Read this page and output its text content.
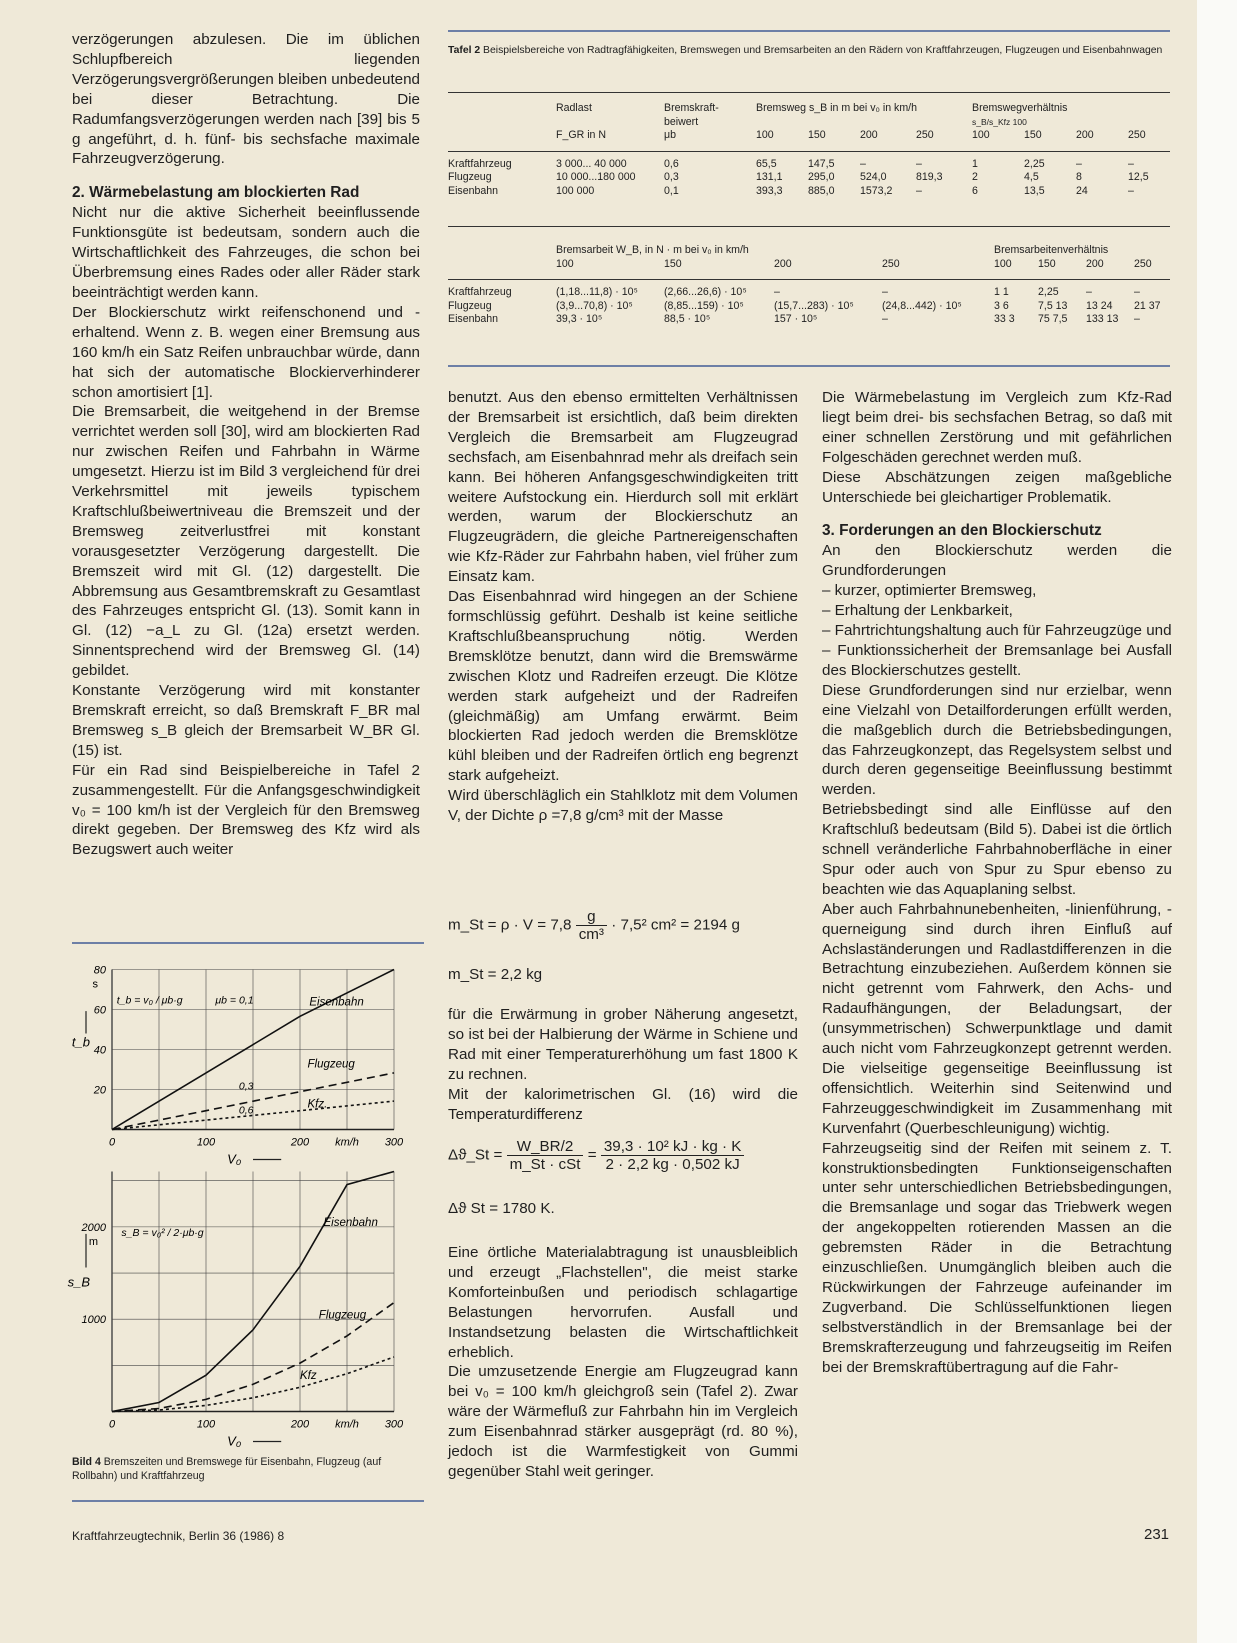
verzögerungen abzulesen. Die im üblichen Schlupfbereich liegenden Verzögerungsvergrößerungen bleiben unbedeutend bei dieser Betrachtung. Die Radumfangsverzögerungen werden nach [39] bis 5 g angeführt, d. h. fünf- bis sechsfache maximale Fahrzeugverzögerung.

2. Wärmebelastung am blockierten Rad

Nicht nur die aktive Sicherheit beeinflussende Funktionsgüte ist bedeutsam, sondern auch die Wirtschaftlichkeit des Fahrzeuges, die schon bei Überbremsung eines Rades oder aller Räder stark beeinträchtigt werden kann.

Der Blockierschutz wirkt reifenschonend und -erhaltend. Wenn z. B. wegen einer Bremsung aus 160 km/h ein Satz Reifen unbrauchbar würde, dann hat sich der automatische Blockierverhinderer schon amortisiert [1].

Die Bremsarbeit, die weitgehend in der Bremse verrichtet werden soll [30], wird am blockierten Rad nur zwischen Reifen und Fahrbahn in Wärme umgesetzt. Hierzu ist im Bild 3 vergleichend für drei Verkehrsmittel mit jeweils typischem Kraftschlußbeiwertniveau die Bremszeit und der Bremsweg zeitverlustfrei mit konstant vorausgesetzter Verzögerung dargestellt. Die Bremszeit wird mit Gl. (12) dargestellt. Die Abbremsung aus Gesamtbremskraft zu Gesamtlast des Fahrzeuges entspricht Gl. (13). Somit kann in Gl. (12) −a_L zu Gl. (12a) ersetzt werden. Sinnentsprechend wird der Bremsweg Gl. (14) gebildet.

Konstante Verzögerung wird mit konstanter Bremskraft erreicht, so daß Bremskraft F_BR mal Bremsweg s_B gleich der Bremsarbeit W_BR Gl. (15) ist.

Für ein Rad sind Beispielbereiche in Tafel 2 zusammengestellt. Für die Anfangsgeschwindigkeit v₀ = 100 km/h ist der Vergleich für den Bremsweg direkt gegeben. Der Bremsweg des Kfz wird als Bezugswert auch weiter

Tafel 2 Beispielsbereiche von Radtragfähigkeiten, Bremswegen und Bremsarbeiten an den Rädern von Kraftfahrzeugen, Flugzeugen und Eisenbahnwagen
	Radlast	Bremskraft-	Bremsweg s_B in m bei v₀ in km/h				Bremswegverhältnis			
		beiwert					s_B/s_Kfz 100			
	F_GR in N	μb	100	150	200	250	100	150	200	250

Kraftfahrzeug	3 000... 40 000	0,6	65,5	147,5	–	–	1	2,25	–	–
Flugzeug	10 000...180 000	0,3	131,1	295,0	524,0	819,3	2	4,5	8	12,5
Eisenbahn	100 000	0,1	393,3	885,0	1573,2	–	6	13,5	24	–
	Bremsarbeit W_B, in N · m bei v₀ in km/h				Bremsarbeitenverhältnis			
	100	150	200	250	100	150	200	250

Kraftfahrzeug	(1,18...11,8) · 10⁵	(2,66...26,6) · 10⁵	–	–	1 1	2,25	–	–
Flugzeug	(3,9...70,8) · 10⁵	(8,85...159) · 10⁵	(15,7...283) · 10⁵	(24,8...442) · 10⁵	3 6	7,5 13	13 24	21 37
Eisenbahn	39,3 · 10⁵	88,5 · 10⁵	157 · 10⁵	–	33 3	75 7,5	133 13	–

benutzt. Aus den ebenso ermittelten Verhältnissen der Bremsarbeit ist ersichtlich, daß beim direkten Vergleich die Bremsarbeit am Flugzeugrad sechsfach, am Eisenbahnrad mehr als dreifach sein kann. Bei höheren Anfangsgeschwindigkeiten tritt weitere Aufstockung ein. Hierdurch soll mit erklärt werden, warum der Blockierschutz an Flugzeugrädern, die gleiche Partnereigenschaften wie Kfz-Räder zur Fahrbahn haben, viel früher zum Einsatz kam.

Das Eisenbahnrad wird hingegen an der Schiene formschlüssig geführt. Deshalb ist keine seitliche Kraftschlußbeanspruchung nötig. Werden Bremsklötze benutzt, dann wird die Bremswärme zwischen Klotz und Radreifen erzeugt. Die Klötze werden stark aufgeheizt und der Radreifen (gleichmäßig) am Umfang erwärmt. Beim blockierten Rad jedoch werden die Bremsklötze kühl bleiben und der Radreifen örtlich eng begrenzt stark aufgeheizt.

Wird überschläglich ein Stahlklotz mit dem Volumen V, der Dichte ρ =7,8 g/cm³ mit der Masse

m_St = $\rho \cdot V = 7,8 \frac{g}{\text{cm³}} \cdot 7,5^2$ cm² = 2194 g
m_St = 2,2 kg

für die Erwärmung in grober Näherung angesetzt, so ist bei der Halbierung der Wärme in Schiene und Rad mit einer Temperaturerhöhung um fast 1800 K zu rechnen.

Mit der kalorimetrischen Gl. (16) wird die Temperaturdifferenz

Δϑ_St = $\frac{W\_BR/2}{\text{m\_St · cSt}} = \frac{\text{39,3 · 10² kJ · kg · K}}{2 \cdot 2,2 kg \cdot 0,502 kJ}$
Δϑ St = 1780 K.

Eine örtliche Materialabtragung ist unausbleiblich und erzeugt „Flachstellen", die meist starke Komforteinbußen und periodisch schlagartige Belastungen hervorrufen. Ausfall und Instandsetzung belasten die Wirtschaftlichkeit erheblich.

Die umzusetzende Energie am Flugzeugrad kann bei v₀ = 100 km/h gleichgroß sein (Tafel 2). Zwar wäre der Wärmefluß zur Fahrbahn hin im Vergleich zum Eisenbahnrad stärker ausgeprägt (rd. 80 %), jedoch ist die Warmfestigkeit von Gummi gegenüber Stahl weit geringer.

Die Wärmebelastung im Vergleich zum Kfz-Rad liegt beim drei- bis sechsfachen Betrag, so daß mit einer schnellen Zerstörung und mit gefährlichen Folgeschäden gerechnet werden muß.

Diese Abschätzungen zeigen maßgebliche Unterschiede bei gleichartiger Problematik.

3. Forderungen an den Blockierschutz

An den Blockierschutz werden die Grundforderungen

– kurzer, optimierter Bremsweg,

– Erhaltung der Lenkbarkeit,

– Fahrtrichtungshaltung auch für Fahrzeugzüge und

– Funktionssicherheit der Bremsanlage bei Ausfall des Blockierschutzes gestellt.

Diese Grundforderungen sind nur erzielbar, wenn eine Vielzahl von Detailforderungen erfüllt werden, die maßgeblich durch die Betriebsbedingungen, das Fahrzeugkonzept, das Regelsystem selbst und durch deren gegenseitige Beeinflussung bestimmt werden.

Betriebsbedingt sind alle Einflüsse auf den Kraftschluß bedeutsam (Bild 5). Dabei ist die örtlich schnell veränderliche Fahrbahnoberfläche in einer Spur oder auch von Spur zu Spur ebenso zu beachten wie das Aquaplaning selbst.

Aber auch Fahrbahnunebenheiten, -linienführung, -querneigung sind durch ihren Einfluß auf Achslaständerungen und Radlastdifferenzen in die Betrachtung einzubeziehen. Außerdem können sie nicht getrennt vom Fahrwerk, den Achs- und Radaufhängungen, der Beladungsart, der (unsymmetrischen) Schwerpunktlage und damit auch nicht vom Fahrzeugkonzept getrennt werden. Die vielseitige gegenseitige Beeinflussung ist offensichtlich. Weiterhin sind Seitenwind und Fahrzeuggeschwindigkeit im Zusammenhang mit Kurvenfahrt (Querbeschleunigung) wichtig.

Fahrzeugseitig sind der Reifen mit seinem z. T. konstruktionsbedingten Funktionseigenschaften unter sehr unterschiedlichen Betriebsbedingungen, die Bremsanlage und sogar das Triebwerk wegen der angekoppelten rotierenden Massen an die gebremsten Räder in die Betrachtung einzuschließen. Unumgänglich bleiben auch die Rückwirkungen der Fahrzeuge aufeinander im Zugverband. Die Schlüsselfunktionen liegen selbstverständlich in der Bremsanlage bei der Bremskrafterzeugung und fahrzeugseitig im Reifen bei der Bremskraftübertragung auf die Fahr-

80
60
40
20
s
t_b
0	100	200 km/h 300
V₀
Eisenbahn
Flugzeug
Kfz.
t_b = v₀ / μb·g	μb = 0,1
0,3
0,6
2000
1000
m
s_B
0	100	200 km/h 300
V₀
Eisenbahn
Flugzeug
Kfz
s_B = v₀² / 2·μb·g
Bild 4 Bremszeiten und Bremswege für Eisenbahn, Flugzeug (auf Rollbahn) und Kraftfahrzeug
Kraftfahrzeugtechnik, Berlin 36 (1986) 8	231
